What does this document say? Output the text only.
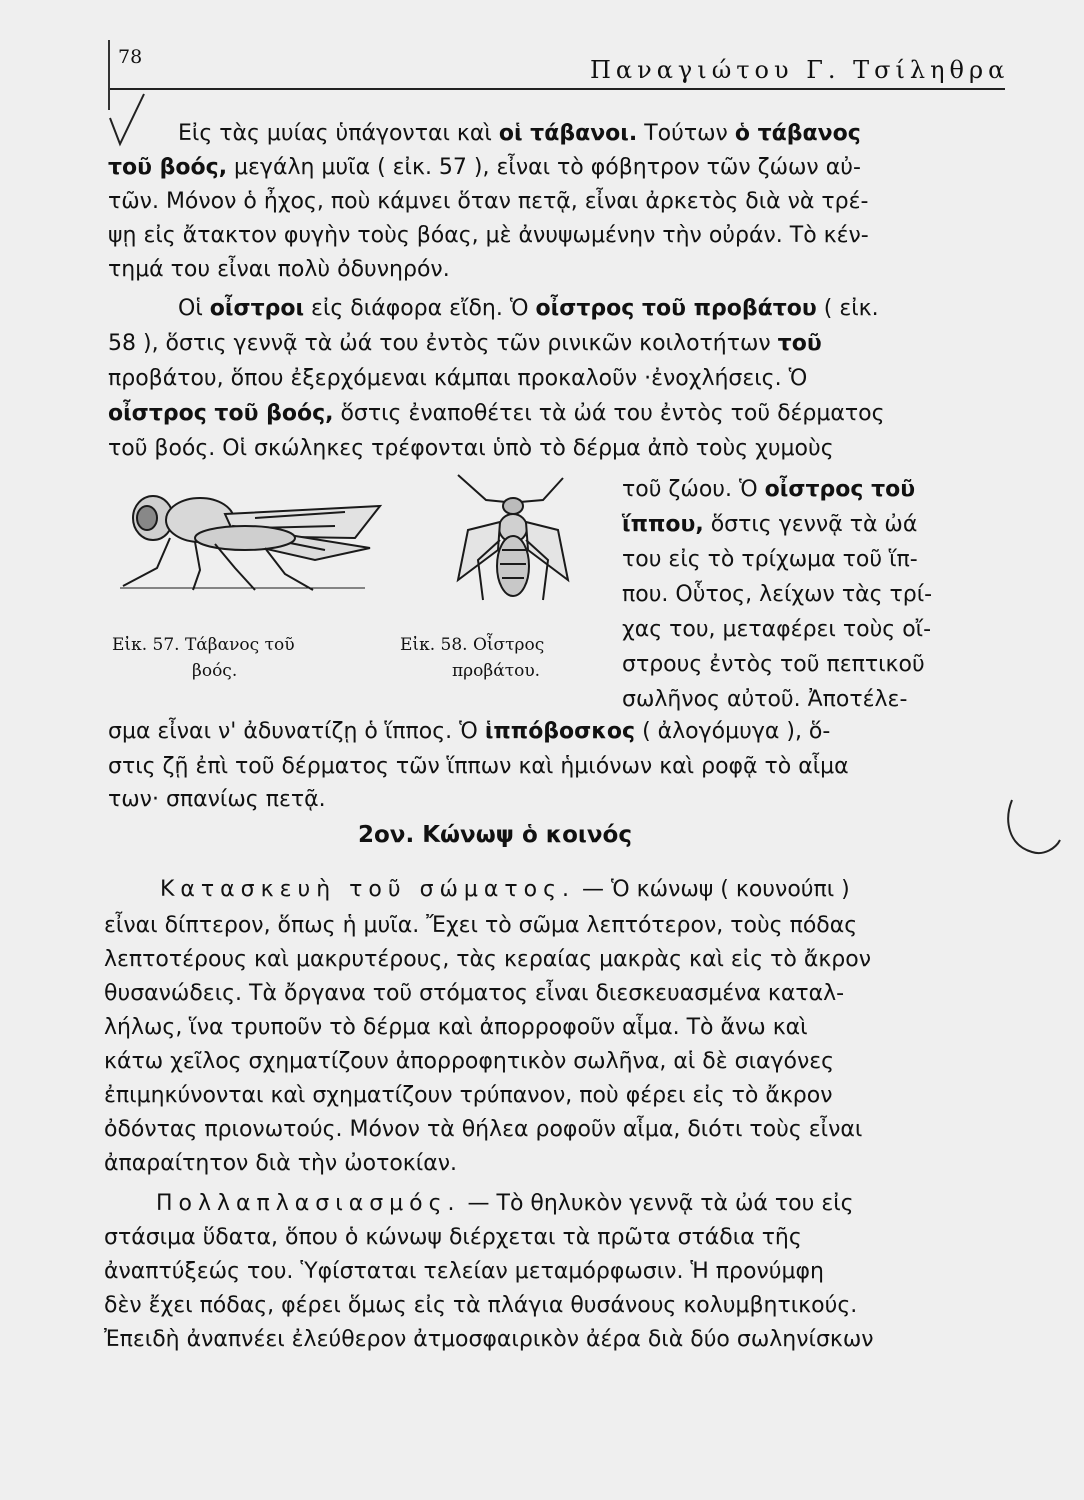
78	Παναγιώτου Γ. Τσίληθρα
Εἰς τὰς μυίας ὑπάγονται καὶ οἱ τάβανοι. Τούτων ὁ τάβανος
τοῦ βοός, μεγάλη μυῖα ( εἰκ. 57 ), εἶναι τὸ φόβητρον τῶν ζώων αὐ-
τῶν. Μόνον ὁ ἦχος, ποὺ κάμνει ὅταν πετᾷ, εἶναι ἀρκετὸς διὰ νὰ τρέ-
ψῃ εἰς ἄτακτον φυγὴν τοὺς βόας, μὲ ἀνυψωμένην τὴν οὐράν. Τὸ κέν-
τημά του εἶναι πολὺ ὀδυνηρόν.
Οἱ οἶστροι εἰς διάφορα εἴδη. Ὁ οἶστρος τοῦ προβάτου ( εἰκ.
58 ), ὅστις γεννᾷ τὰ ὠά του ἐντὸς τῶν ρινικῶν κοιλοτήτων τοῦ
προβάτου, ὅπου ἐξερχόμεναι κάμπαι προκαλοῦν ·ἐνοχλήσεις. Ὁ
οἶστρος τοῦ βοός, ὅστις ἐναποθέτει τὰ ὠά του ἐντὸς τοῦ δέρματος
τοῦ βοός. Οἱ σκώληκες τρέφονται ὑπὸ τὸ δέρμα ἀπὸ τοὺς χυμοὺς
τοῦ ζώου. Ὁ οἶστρος τοῦ
ἵππου, ὅστις γεννᾷ τὰ ὠά
του εἰς τὸ τρίχωμα τοῦ ἵπ-
που. Οὗτος, λείχων τὰς τρί-
χας του, μεταφέρει τοὺς οἴ-
στρους ἐντὸς τοῦ πεπτικοῦ
σωλῆνος αὐτοῦ. Ἀποτέλε-
σμα εἶναι ν' ἀδυνατίζῃ ὁ ἵππος. Ὁ ἱππόβοσκος ( ἀλογόμυγα ), ὅ-
στις ζῇ ἐπὶ τοῦ δέρματος τῶν ἵππων καὶ ἡμιόνων καὶ ροφᾷ τὸ αἷμα
των· σπανίως πετᾷ.
Εἰκ. 57. Τάβανος τοῦ
βοός.
Εἰκ. 58. Οἶστρος
προβάτου.
2ον. Κώνωψ ὁ κοινός
Κατασκευὴ τοῦ σώματος. — Ὁ κώνωψ ( κουνούπι )
εἶναι δίπτερον, ὅπως ἡ μυῖα. Ἔχει τὸ σῶμα λεπτότερον, τοὺς πόδας
λεπτοτέρους καὶ μακρυτέρους, τὰς κεραίας μακρὰς καὶ εἰς τὸ ἄκρον
θυσανώδεις. Τὰ ὄργανα τοῦ στόματος εἶναι διεσκευασμένα καταλ-
λήλως, ἵνα τρυποῦν τὸ δέρμα καὶ ἀπορροφοῦν αἷμα. Τὸ ἄνω καὶ
κάτω χεῖλος σχηματίζουν ἀπορροφητικὸν σωλῆνα, αἱ δὲ σιαγόνες
ἐπιμηκύνονται καὶ σχηματίζουν τρύπανον, ποὺ φέρει εἰς τὸ ἄκρον
ὀδόντας πριονωτούς. Μόνον τὰ θήλεα ροφοῦν αἷμα, διότι τοὺς εἶναι
ἀπαραίτητον διὰ τὴν ὠοτοκίαν.
Πολλαπλασιασμός. — Τὸ θηλυκὸν γεννᾷ τὰ ὠά του εἰς
στάσιμα ὕδατα, ὅπου ὁ κώνωψ διέρχεται τὰ πρῶτα στάδια τῆς
ἀναπτύξεώς του. Ὑφίσταται τελείαν μεταμόρφωσιν. Ἡ προνύμφη
δὲν ἔχει πόδας, φέρει ὅμως εἰς τὰ πλάγια θυσάνους κολυμβητικούς.
Ἐπειδὴ ἀναπνέει ἐλεύθερον ἀτμοσφαιρικὸν ἀέρα διὰ δύο σωληνίσκων
